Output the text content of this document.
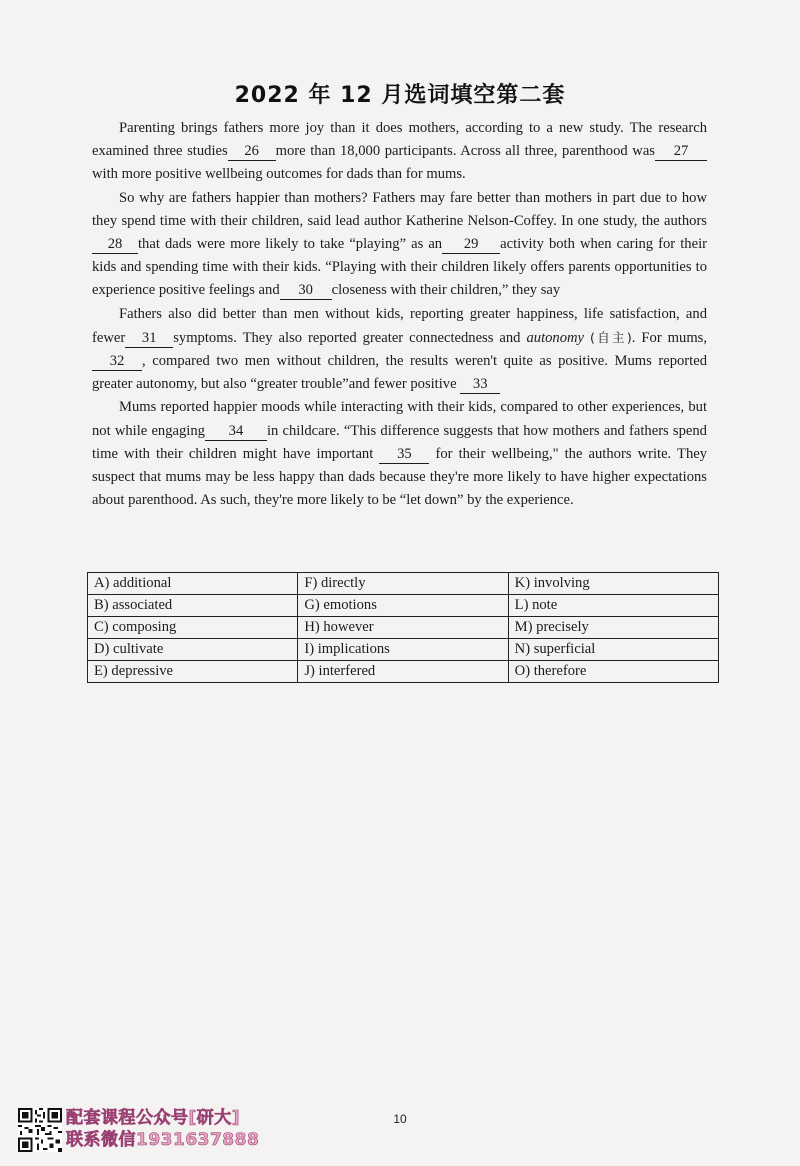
2022 年 12 月选词填空第二套

Parenting brings fathers more joy than it does mothers, according to a new study. The research examined three studies 26 more than 18,000 participants. Across all three, parenthood was 27with more positive wellbeing outcomes for dads than for mums.

So why are fathers happier than mothers? Fathers may fare better than mothers in part due to how they spend time with their children, said lead author Katherine Nelson-Coffey. In one study, the authors28 that dads were more likely to take “playing” as an 29 activity both when caring for their kids and spending time with their kids. “Playing with their children likely offers parents opportunities to experience positive feelings and 30 closeness with their children,” they say

Fathers also did better than men without kids, reporting greater happiness, life satisfaction, and fewer 31 symptoms. They also reported greater connectedness and autonomy (自主). For mums, 32 , compared two men without children, the results weren't quite as positive. Mums reported greater autonomy, but also “greater trouble”and fewer positive 33

Mums reported happier moods while interacting with their kids, compared to other experiences, but not while engaging 34 in childcare. “This difference suggests that how mothers and fathers spend time with their children might have important 35 for their wellbeing," the authors write. They suspect that mums may be less happy than dads because they're more likely to have higher expectations about parenthood. As such, they're more likely to be “let down” by the experience.

A) additional	F) directly	K) involving
B) associated	G) emotions	L) note
C) composing	H) however	M) precisely
D) cultivate	I) implications	N) superficial
E) depressive	J) interfered	O) therefore
10
配套课程公众号[研大]
联系微信1931637888
